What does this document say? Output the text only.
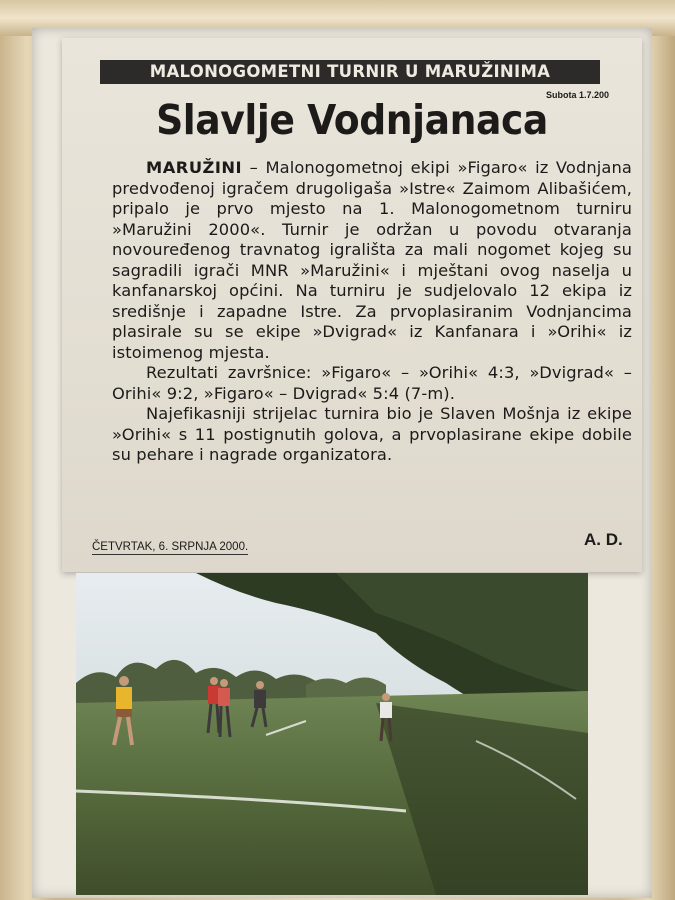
MALONOGOMETNI TURNIR U MARUŽINIMA
Subota 1.7.200
Slavlje Vodnjanaca

MARUŽINI – Malonogometnoj ekipi »Figaro« iz Vodnjana predvođenoj igračem drugoligaša »Istre« Zaimom Alibašićem, pripalo je prvo mjesto na 1. Malonogometnom turniru »Maružini 2000«. Turnir je održan u povodu otvaranja novouređenog travnatog igrališta za mali nogomet kojeg su sagradili igrači MNR »Maružini« i mještani ovog naselja u kanfanarskoj općini. Na turniru je sudjelovalo 12 ekipa iz središnje i zapadne Istre. Za prvoplasiranim Vodnjancima plasirale su se ekipe »Dvigrad« iz Kanfanara i »Orihi« iz istoimenog mjesta.

Rezultati završnice: »Figaro« – »Orihi« 4:3, »Dvigrad« – Orihi« 9:2, »Figaro« – Dvigrad« 5:4 (7-m).

Najefikasniji strijelac turnira bio je Slaven Mošnja iz ekipe »Orihi« s 11 postignutih golova, a prvoplasirane ekipe dobile su pehare i nagrade organizatora.

ČETVRTAK, 6. SRPNJA 2000.	A. D.
